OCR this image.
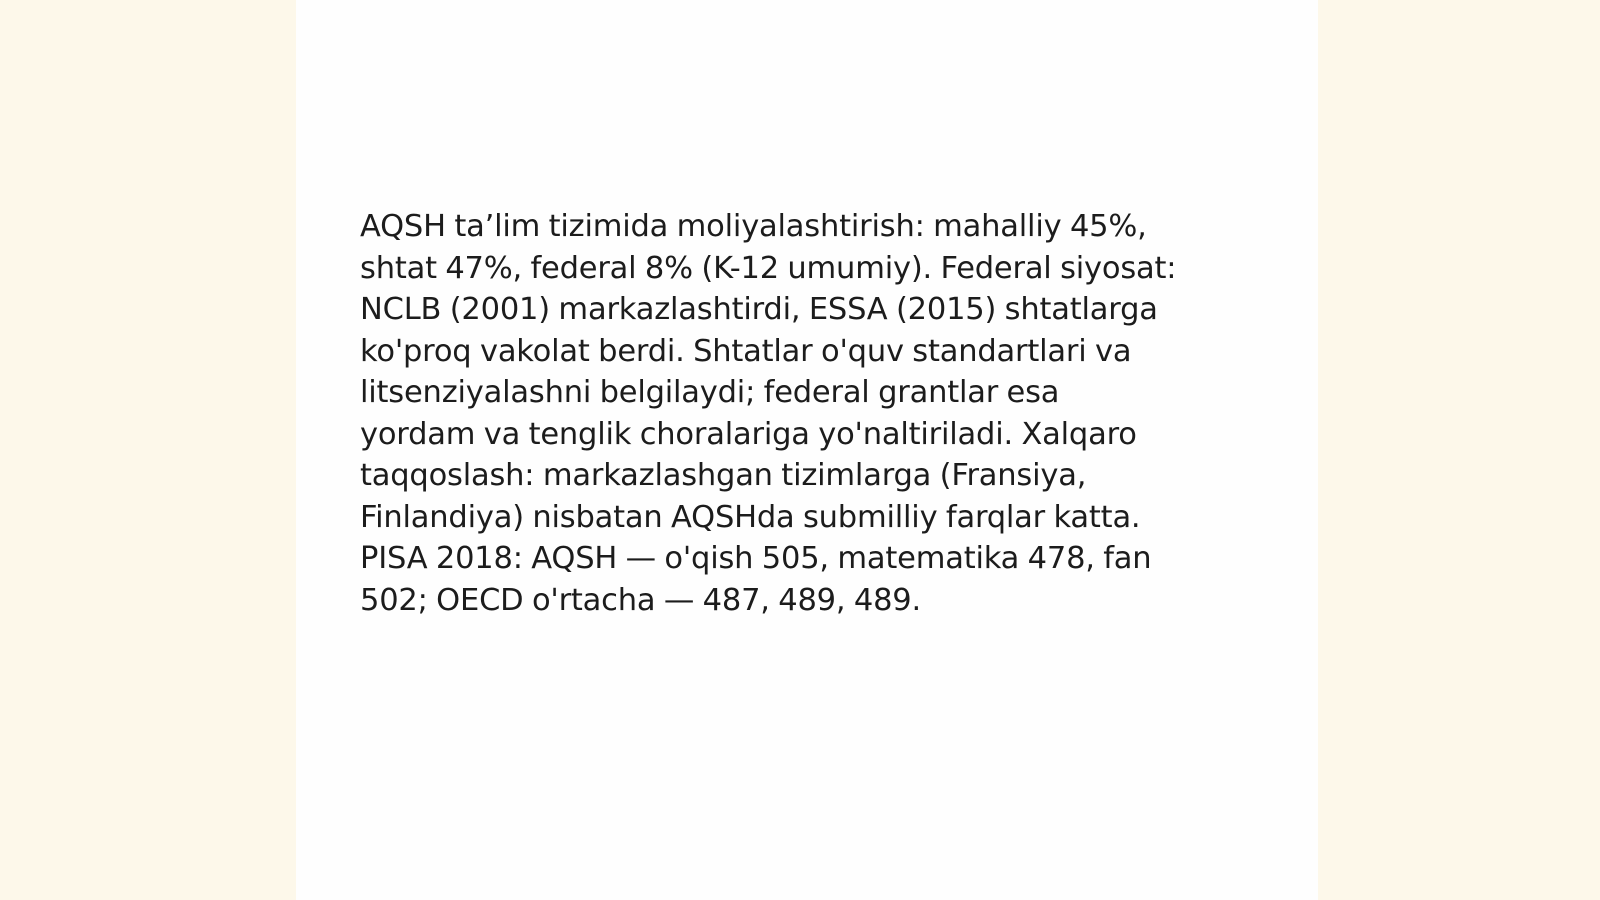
AQSH ta’lim tizimida moliyalashtirish: mahalliy 45%,
shtat 47%, federal 8% (K-12 umumiy). Federal siyosat:
NCLB (2001) markazlashtirdi, ESSA (2015) shtatlarga
ko'proq vakolat berdi. Shtatlar o'quv standartlari va
litsenziyalashni belgilaydi; federal grantlar esa
yordam va tenglik choralariga yo'naltiriladi. Xalqaro
taqqoslash: markazlashgan tizimlarga (Fransiya,
Finlandiya) nisbatan AQSHda submilliy farqlar katta.
PISA 2018: AQSH — o'qish 505, matematika 478, fan
502; OECD o'rtacha — 487, 489, 489.
